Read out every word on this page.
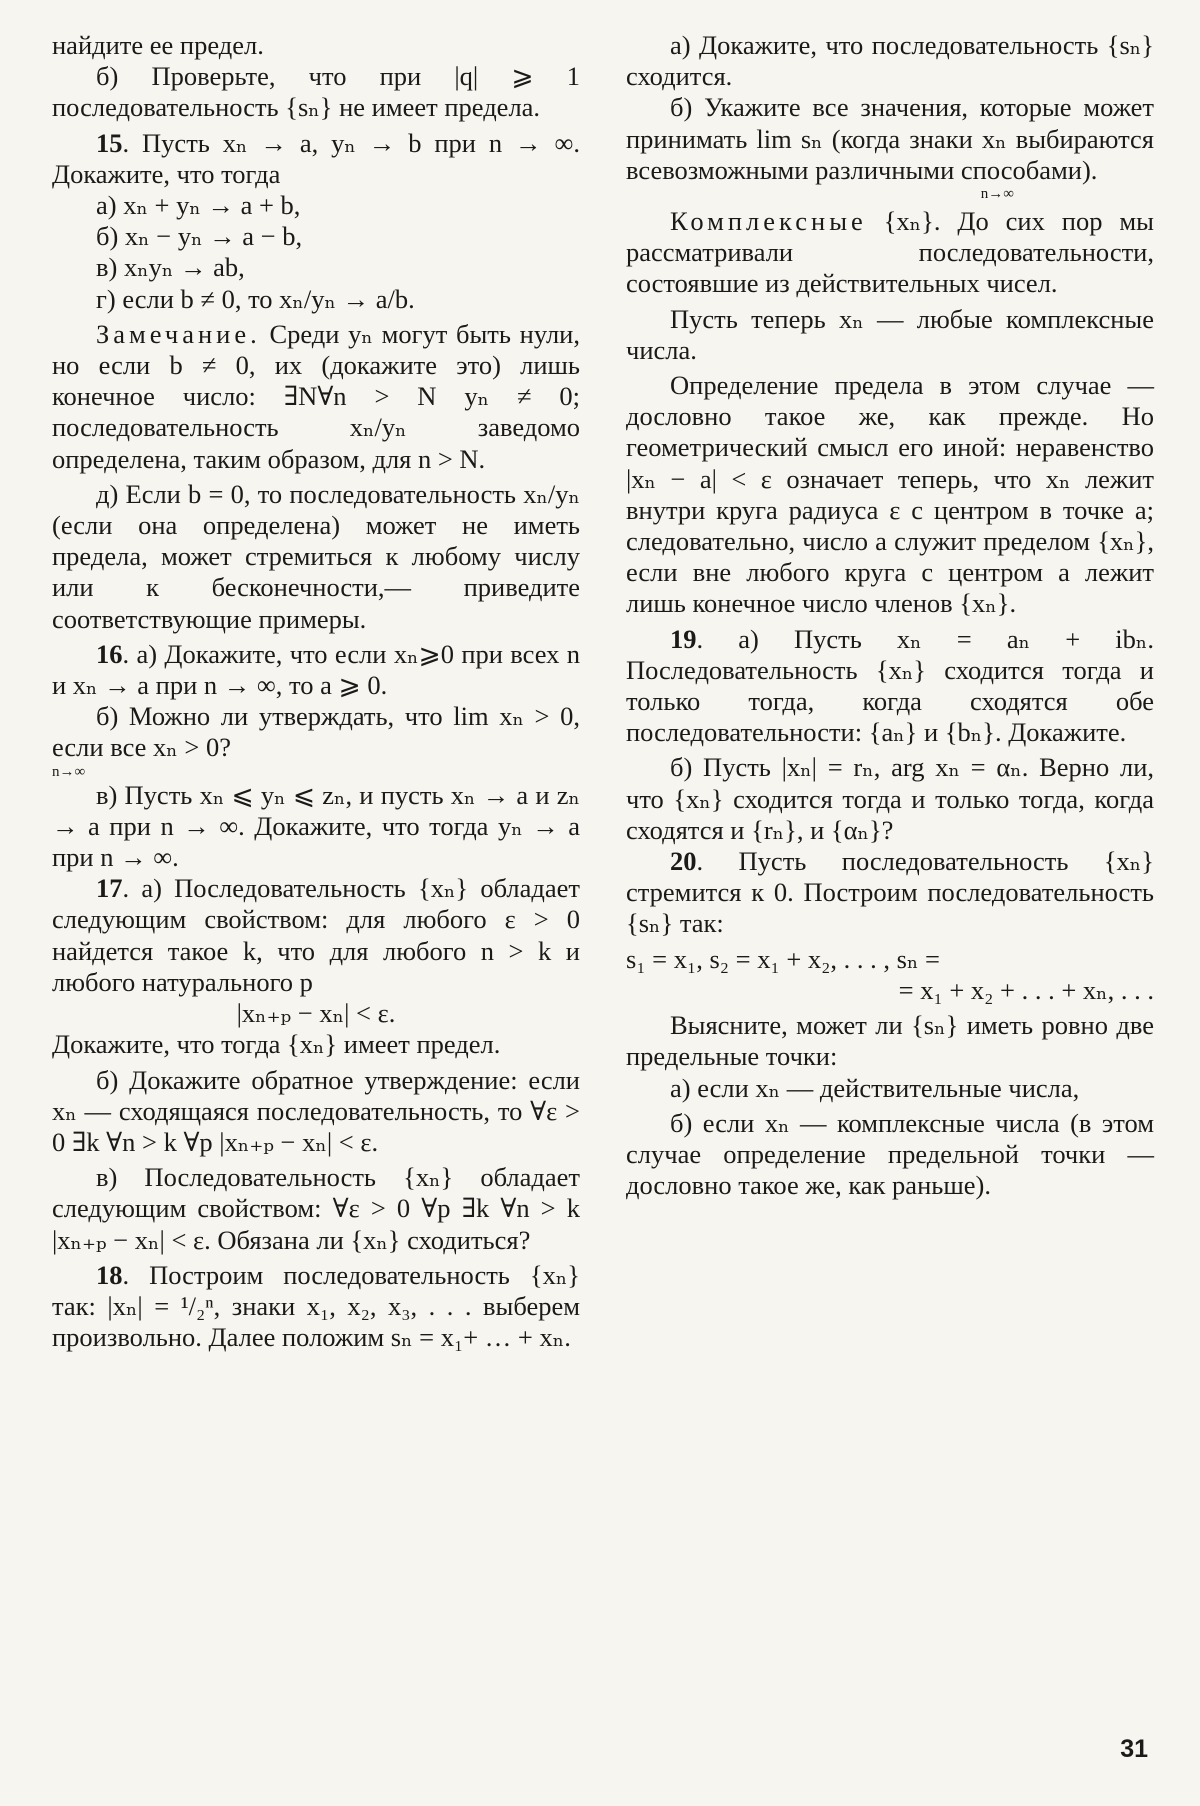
найдите ее предел.

б) Проверьте, что при |q| ⩾ 1 последовательность {sₙ} не имеет предела.

15. Пусть xₙ → a, yₙ → b при n → ∞. Докажите, что тогда

а) xₙ + yₙ → a + b,

б) xₙ − yₙ → a − b,

в) xₙyₙ → ab,

г) если b ≠ 0, то xₙ/yₙ → a/b.

Замечание. Среди yₙ могут быть нули, но если b ≠ 0, их (докажите это) лишь конечное число: ∃N∀n > N yₙ ≠ 0; последовательность xₙ/yₙ заведомо определена, таким образом, для n > N.

д) Если b = 0, то последовательность xₙ/yₙ (если она определена) может не иметь предела, может стремиться к любому числу или к бесконечности,— приведите соответствующие примеры.

16. а) Докажите, что если xₙ⩾0 при всех n и xₙ → a при n → ∞, то a ⩾ 0.

б) Можно ли утверждать, что lim xₙ > 0, если все xₙ > 0?

n→∞

в) Пусть xₙ ⩽ yₙ ⩽ zₙ, и пусть xₙ → a и zₙ → a при n → ∞. Докажите, что тогда yₙ → a при n → ∞.

17. а) Последовательность {xₙ} обладает следующим свойством: для любого ε > 0 найдется такое k, что для любого n > k и любого натурального p

|xₙ₊ₚ − xₙ| < ε.

Докажите, что тогда {xₙ} имеет предел.

б) Докажите обратное утверждение: если xₙ — сходящаяся последовательность, то ∀ε > 0 ∃k ∀n > k ∀p |xₙ₊ₚ − xₙ| < ε.

в) Последовательность {xₙ} обладает следующим свойством: ∀ε > 0 ∀p ∃k ∀n > k |xₙ₊ₚ − xₙ| < ε. Обязана ли {xₙ} сходиться?

18. Построим последовательность {xₙ} так: |xₙ| = ¹/₂ⁿ, знаки x₁, x₂, x₃, . . . выберем произвольно. Далее положим sₙ = x₁+ … + xₙ.

а) Докажите, что последовательность {sₙ} сходится.

б) Укажите все значения, которые может принимать lim sₙ (когда знаки xₙ выбираются всевозможными различными способами).

n→∞

Комплексные {xₙ}. До сих пор мы рассматривали последовательности, состоявшие из действительных чисел.

Пусть теперь xₙ — любые комплексные числа.

Определение предела в этом случае — дословно такое же, как прежде. Но геометрический смысл его иной: неравенство |xₙ − a| < ε означает теперь, что xₙ лежит внутри круга радиуса ε с центром в точке a; следовательно, число a служит пределом {xₙ}, если вне любого круга с центром a лежит лишь конечное число членов {xₙ}.

19. а) Пусть xₙ = aₙ + ibₙ. Последовательность {xₙ} сходится тогда и только тогда, когда сходятся обе последовательности: {aₙ} и {bₙ}. Докажите.

б) Пусть |xₙ| = rₙ, arg xₙ = αₙ. Верно ли, что {xₙ} сходится тогда и только тогда, когда сходятся и {rₙ}, и {αₙ}?

20. Пусть последовательность {xₙ} стремится к 0. Построим последовательность {sₙ} так:

s₁ = x₁, s₂ = x₁ + x₂, . . . , sₙ =

= x₁ + x₂ + . . . + xₙ, . . .

Выясните, может ли {sₙ} иметь ровно две предельные точки:

а) если xₙ — действительные числа,

б) если xₙ — комплексные числа (в этом случае определение предельной точки — дословно такое же, как раньше).

31
